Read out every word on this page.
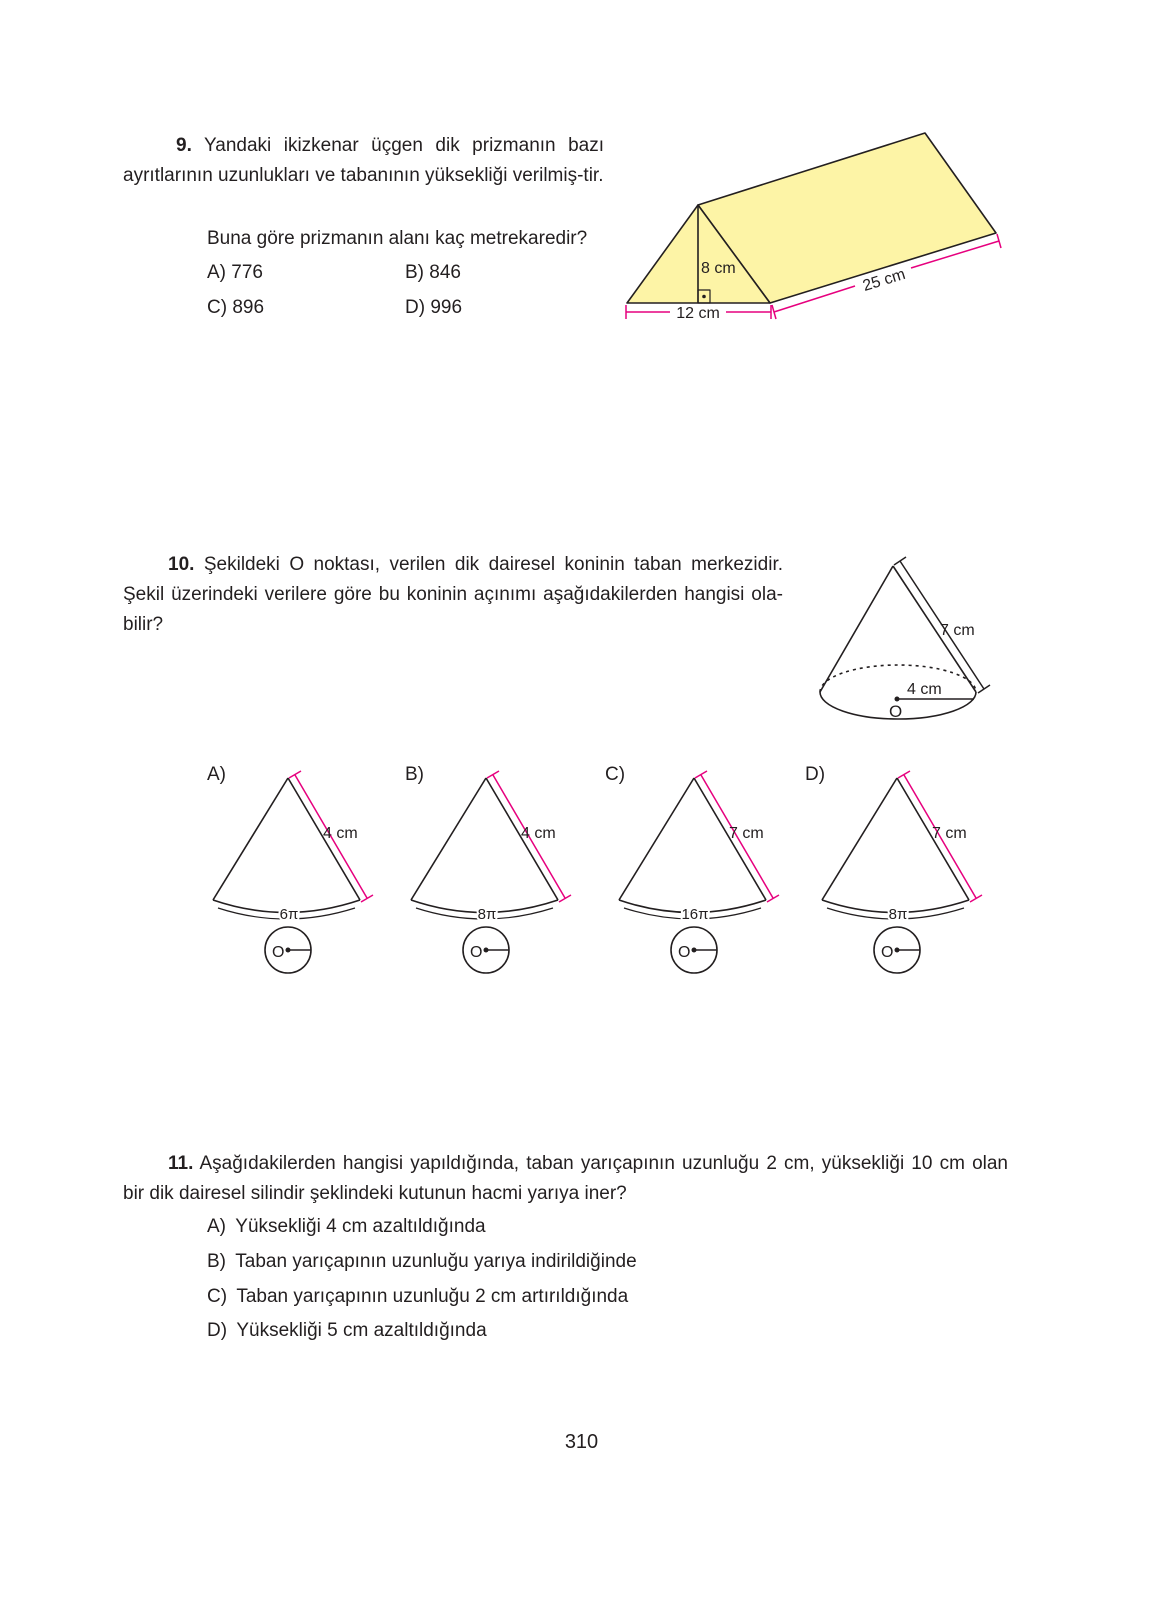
9. Yandaki ikizkenar üçgen dik prizmanın bazı ayrıtlarının uzunlukları ve tabanının yüksekliği verilmiş-tir.
Buna göre prizmanın alanı kaç metrekaredir?
A) 776	B) 846
C) 896	D) 996
8 cm
12 cm
25 cm
10. Şekildeki O noktası, verilen dik dairesel koninin taban merkezidir. Şekil üzerindeki verilere göre bu koninin açınımı aşağıdakilerden hangisi ola-bilir?	7 cm
4 cm
O
A)
4 cm
6π
O
B)
4 cm
8π
O
C)
7 cm
16π
O
D)
7 cm
8π
O
11. Aşağıdakilerden hangisi yapıldığında, taban yarıçapının uzunluğu 2 cm, yüksekliği 10 cm olan bir dik dairesel silindir şeklindeki kutunun hacmi yarıya iner?
A) Yüksekliği 4 cm azaltıldığında
B) Taban yarıçapının uzunluğu yarıya indirildiğinde
C) Taban yarıçapının uzunluğu 2 cm artırıldığında
D) Yüksekliği 5 cm azaltıldığında
310
